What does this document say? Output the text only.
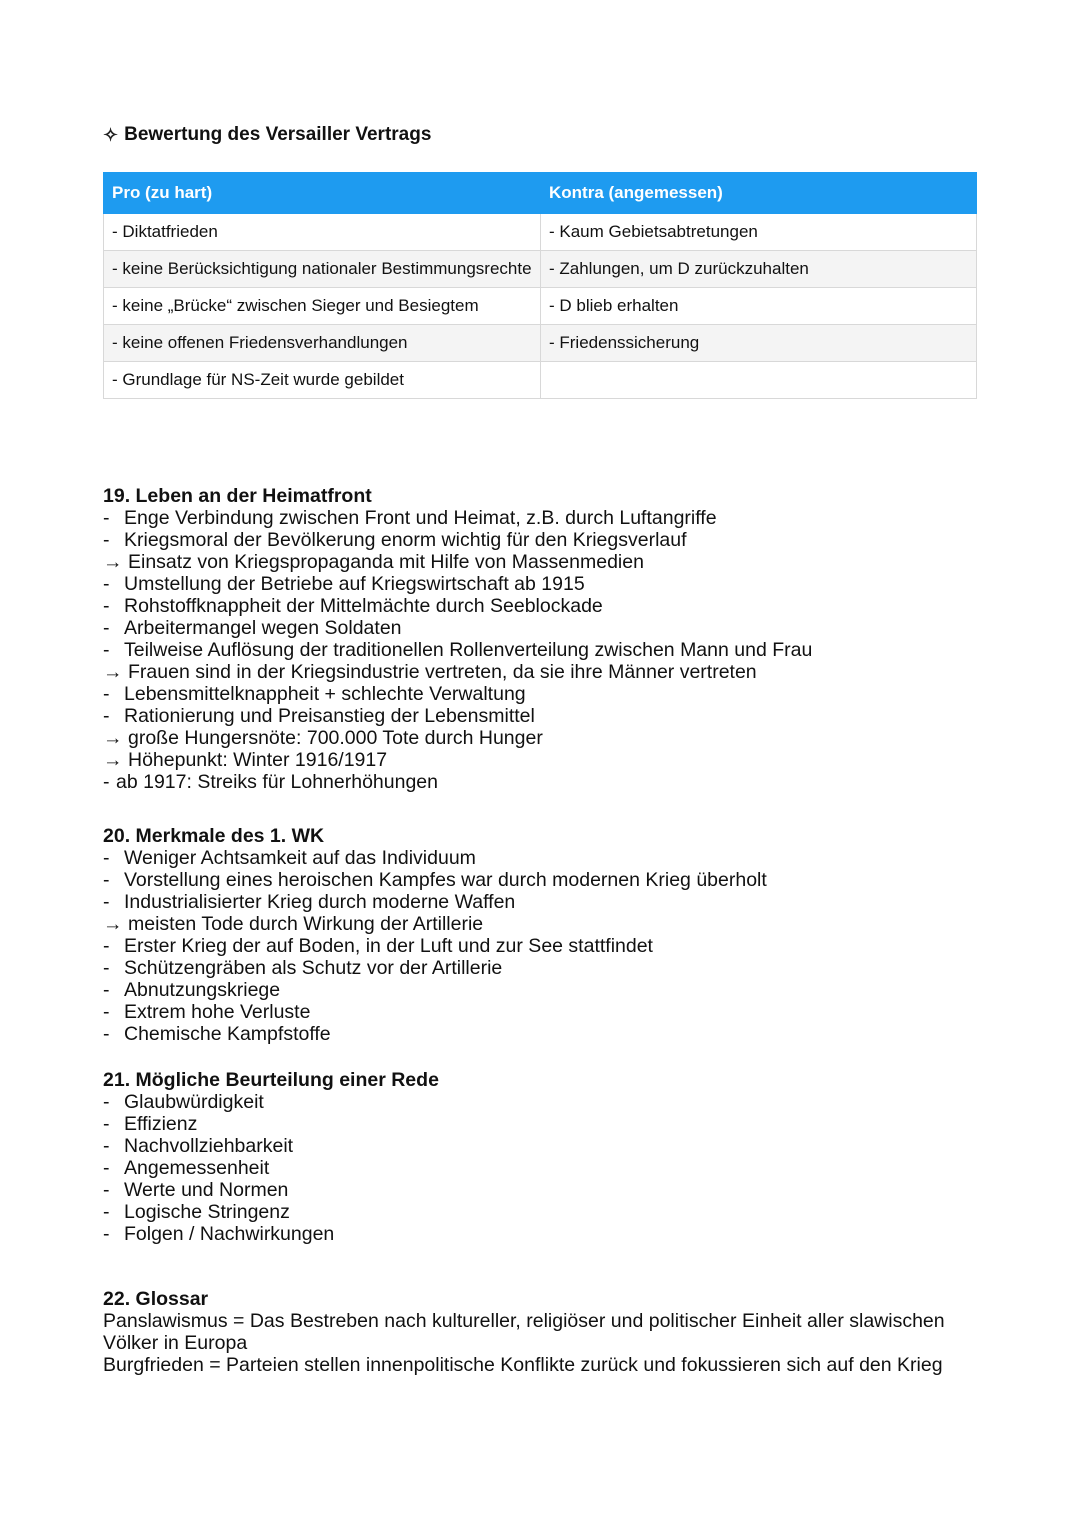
✧ Bewertung des Versailler Vertrags
Pro (zu hart)	Kontra (angemessen)
- Diktatfrieden	- Kaum Gebietsabtretungen
- keine Berücksichtigung nationaler Bestimmungsrechte	- Zahlungen, um D zurückzuhalten
- keine „Brücke“ zwischen Sieger und Besiegtem	- D blieb erhalten
- keine offenen Friedensverhandlungen	- Friedenssicherung
- Grundlage für NS-Zeit wurde gebildet	
19. Leben an der Heimatfront
- Enge Verbindung zwischen Front und Heimat, z.B. durch Luftangriffe
- Kriegsmoral der Bevölkerung enorm wichtig für den Kriegsverlauf
→ Einsatz von Kriegspropaganda mit Hilfe von Massenmedien
- Umstellung der Betriebe auf Kriegswirtschaft ab 1915
- Rohstoffknappheit der Mittelmächte durch Seeblockade
- Arbeitermangel wegen Soldaten
- Teilweise Auflösung der traditionellen Rollenverteilung zwischen Mann und Frau
→ Frauen sind in der Kriegsindustrie vertreten, da sie ihre Männer vertreten
- Lebensmittelknappheit + schlechte Verwaltung
- Rationierung und Preisanstieg der Lebensmittel
→ große Hungersnöte: 700.000 Tote durch Hunger
→ Höhepunkt: Winter 1916/1917
- ab 1917: Streiks für Lohnerhöhungen
20. Merkmale des 1. WK
- Weniger Achtsamkeit auf das Individuum
- Vorstellung eines heroischen Kampfes war durch modernen Krieg überholt
- Industrialisierter Krieg durch moderne Waffen
→ meisten Tode durch Wirkung der Artillerie
- Erster Krieg der auf Boden, in der Luft und zur See stattfindet
- Schützengräben als Schutz vor der Artillerie
- Abnutzungskriege
- Extrem hohe Verluste
- Chemische Kampfstoffe
21. Mögliche Beurteilung einer Rede
- Glaubwürdigkeit
- Effizienz
- Nachvollziehbarkeit
- Angemessenheit
- Werte und Normen
- Logische Stringenz
- Folgen / Nachwirkungen
22. Glossar

Panslawismus = Das Bestreben nach kultureller, religiöser und politischer Einheit aller slawischen Völker in Europa

Burgfrieden = Parteien stellen innenpolitische Konflikte zurück und fokussieren sich auf den Krieg
